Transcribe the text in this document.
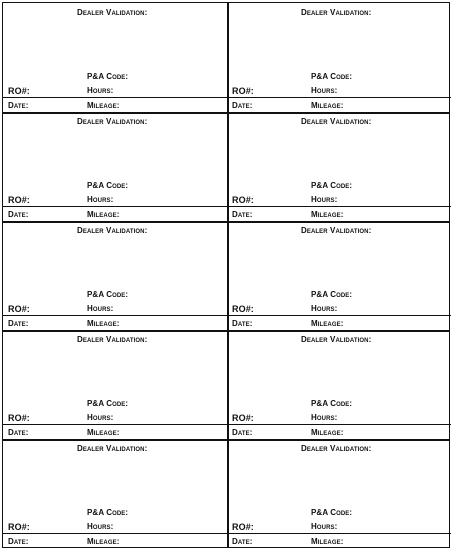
Dealer Validation:
P&A Code:
RO#:	Hours:
Date:	Mileage:
Dealer Validation:
P&A Code:
RO#:	Hours:
Date:	Mileage:
Dealer Validation:
P&A Code:
RO#:	Hours:
Date:	Mileage:
Dealer Validation:
P&A Code:
RO#:	Hours:
Date:	Mileage:
Dealer Validation:
P&A Code:
RO#:	Hours:
Date:	Mileage:
Dealer Validation:
P&A Code:
RO#:	Hours:
Date:	Mileage:
Dealer Validation:
P&A Code:
RO#:	Hours:
Date:	Mileage:
Dealer Validation:
P&A Code:
RO#:	Hours:
Date:	Mileage:
Dealer Validation:
P&A Code:
RO#:	Hours:
Date:	Mileage:
Dealer Validation:
P&A Code:
RO#:	Hours:
Date:	Mileage:
